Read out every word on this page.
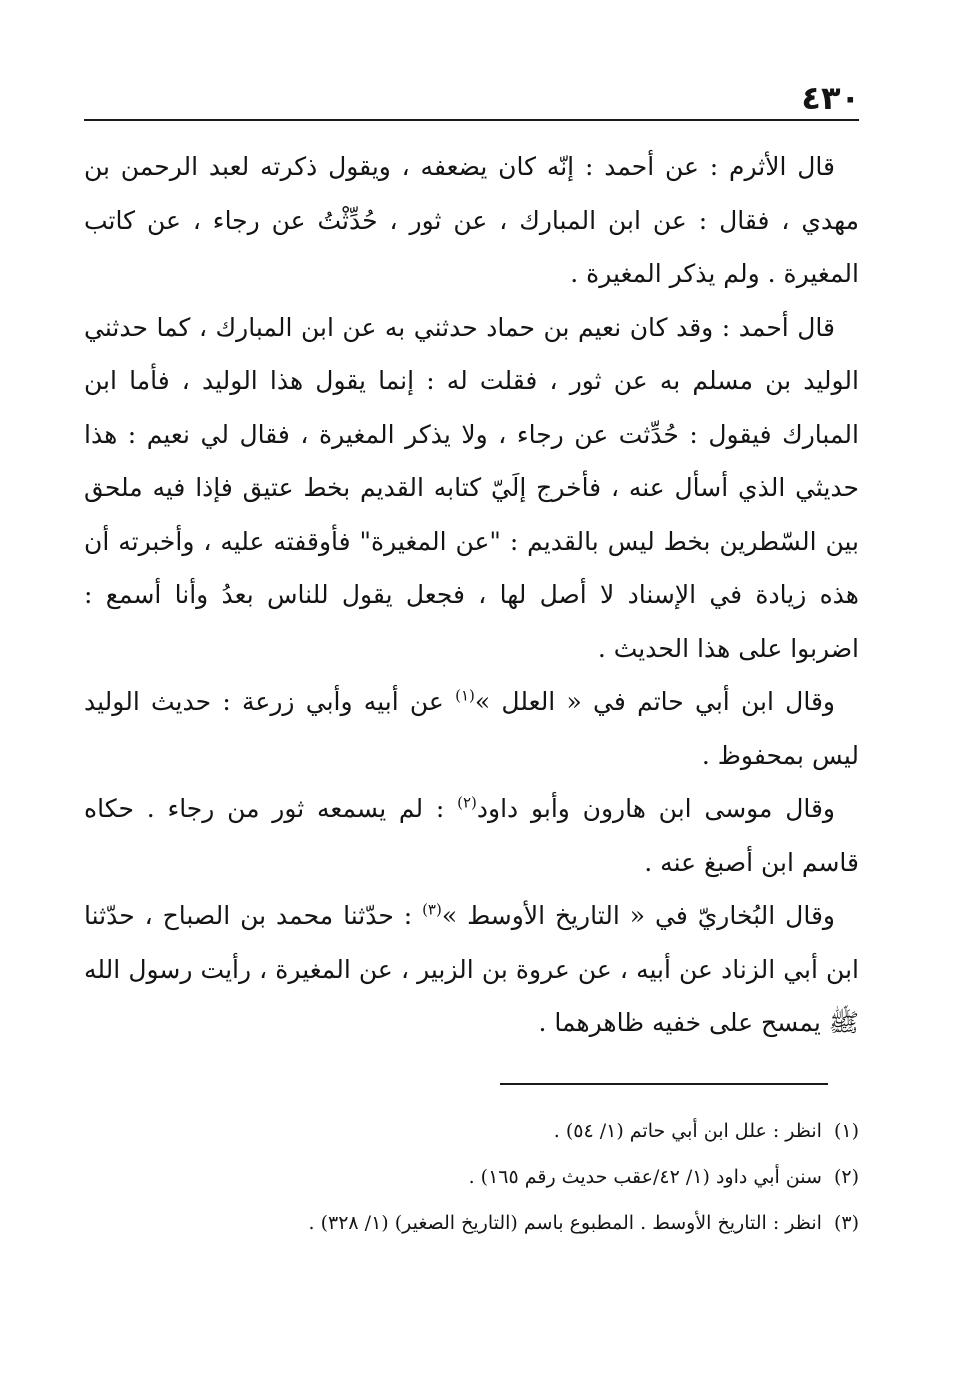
٤٣٠

قال الأثرم : عن أحمد : إنّه كان يضعفه ، ويقول ذكرته لعبد الرحمن بن مهدي ، فقال : عن ابن المبارك ، عن ثور ، حُدِّثْتُ عن رجاء ، عن كاتب المغيرة . ولم يذكر المغيرة .

قال أحمد : وقد كان نعيم بن حماد حدثني به عن ابن المبارك ، كما حدثني الوليد بن مسلم به عن ثور ، فقلت له : إنما يقول هذا الوليد ، فأما ابن المبارك فيقول : حُدِّثت عن رجاء ، ولا يذكر المغيرة ، فقال لي نعيم : هذا حديثي الذي أسأل عنه ، فأخرج إلَيّ كتابه القديم بخط عتيق فإذا فيه ملحق بين السّطرين بخط ليس بالقديم : "عن المغيرة" فأوقفته عليه ، وأخبرته أن هذه زيادة في الإسناد لا أصل لها ، فجعل يقول للناس بعدُ وأنا أسمع : اضربوا على هذا الحديث .

وقال ابن أبي حاتم في « العلل »$^{(١)}$ عن أبيه وأبي زرعة : حديث الوليد ليس بمحفوظ .

وقال موسى ابن هارون وأبو داود$^{(٢)}$ : لم يسمعه ثور من رجاء . حكاه قاسم ابن أصبغ عنه .

وقال البُخاريّ في « التاريخ الأوسط »$^{(٣)}$ : حدّثنا محمد بن الصباح ، حدّثنا ابن أبي الزناد عن أبيه ، عن عروة بن الزبير ، عن المغيرة ، رأيت رسول الله ﷺ يمسح على خفيه ظاهرهما .

(١)انظر : علل ابن أبي حاتم (١/ ٥٤) .

(٢)سنن أبي داود (١/ ٤٢/عقب حديث رقم ١٦٥) .

(٣)انظر : التاريخ الأوسط . المطبوع باسم (التاريخ الصغير) (١/ ٣٢٨) .
